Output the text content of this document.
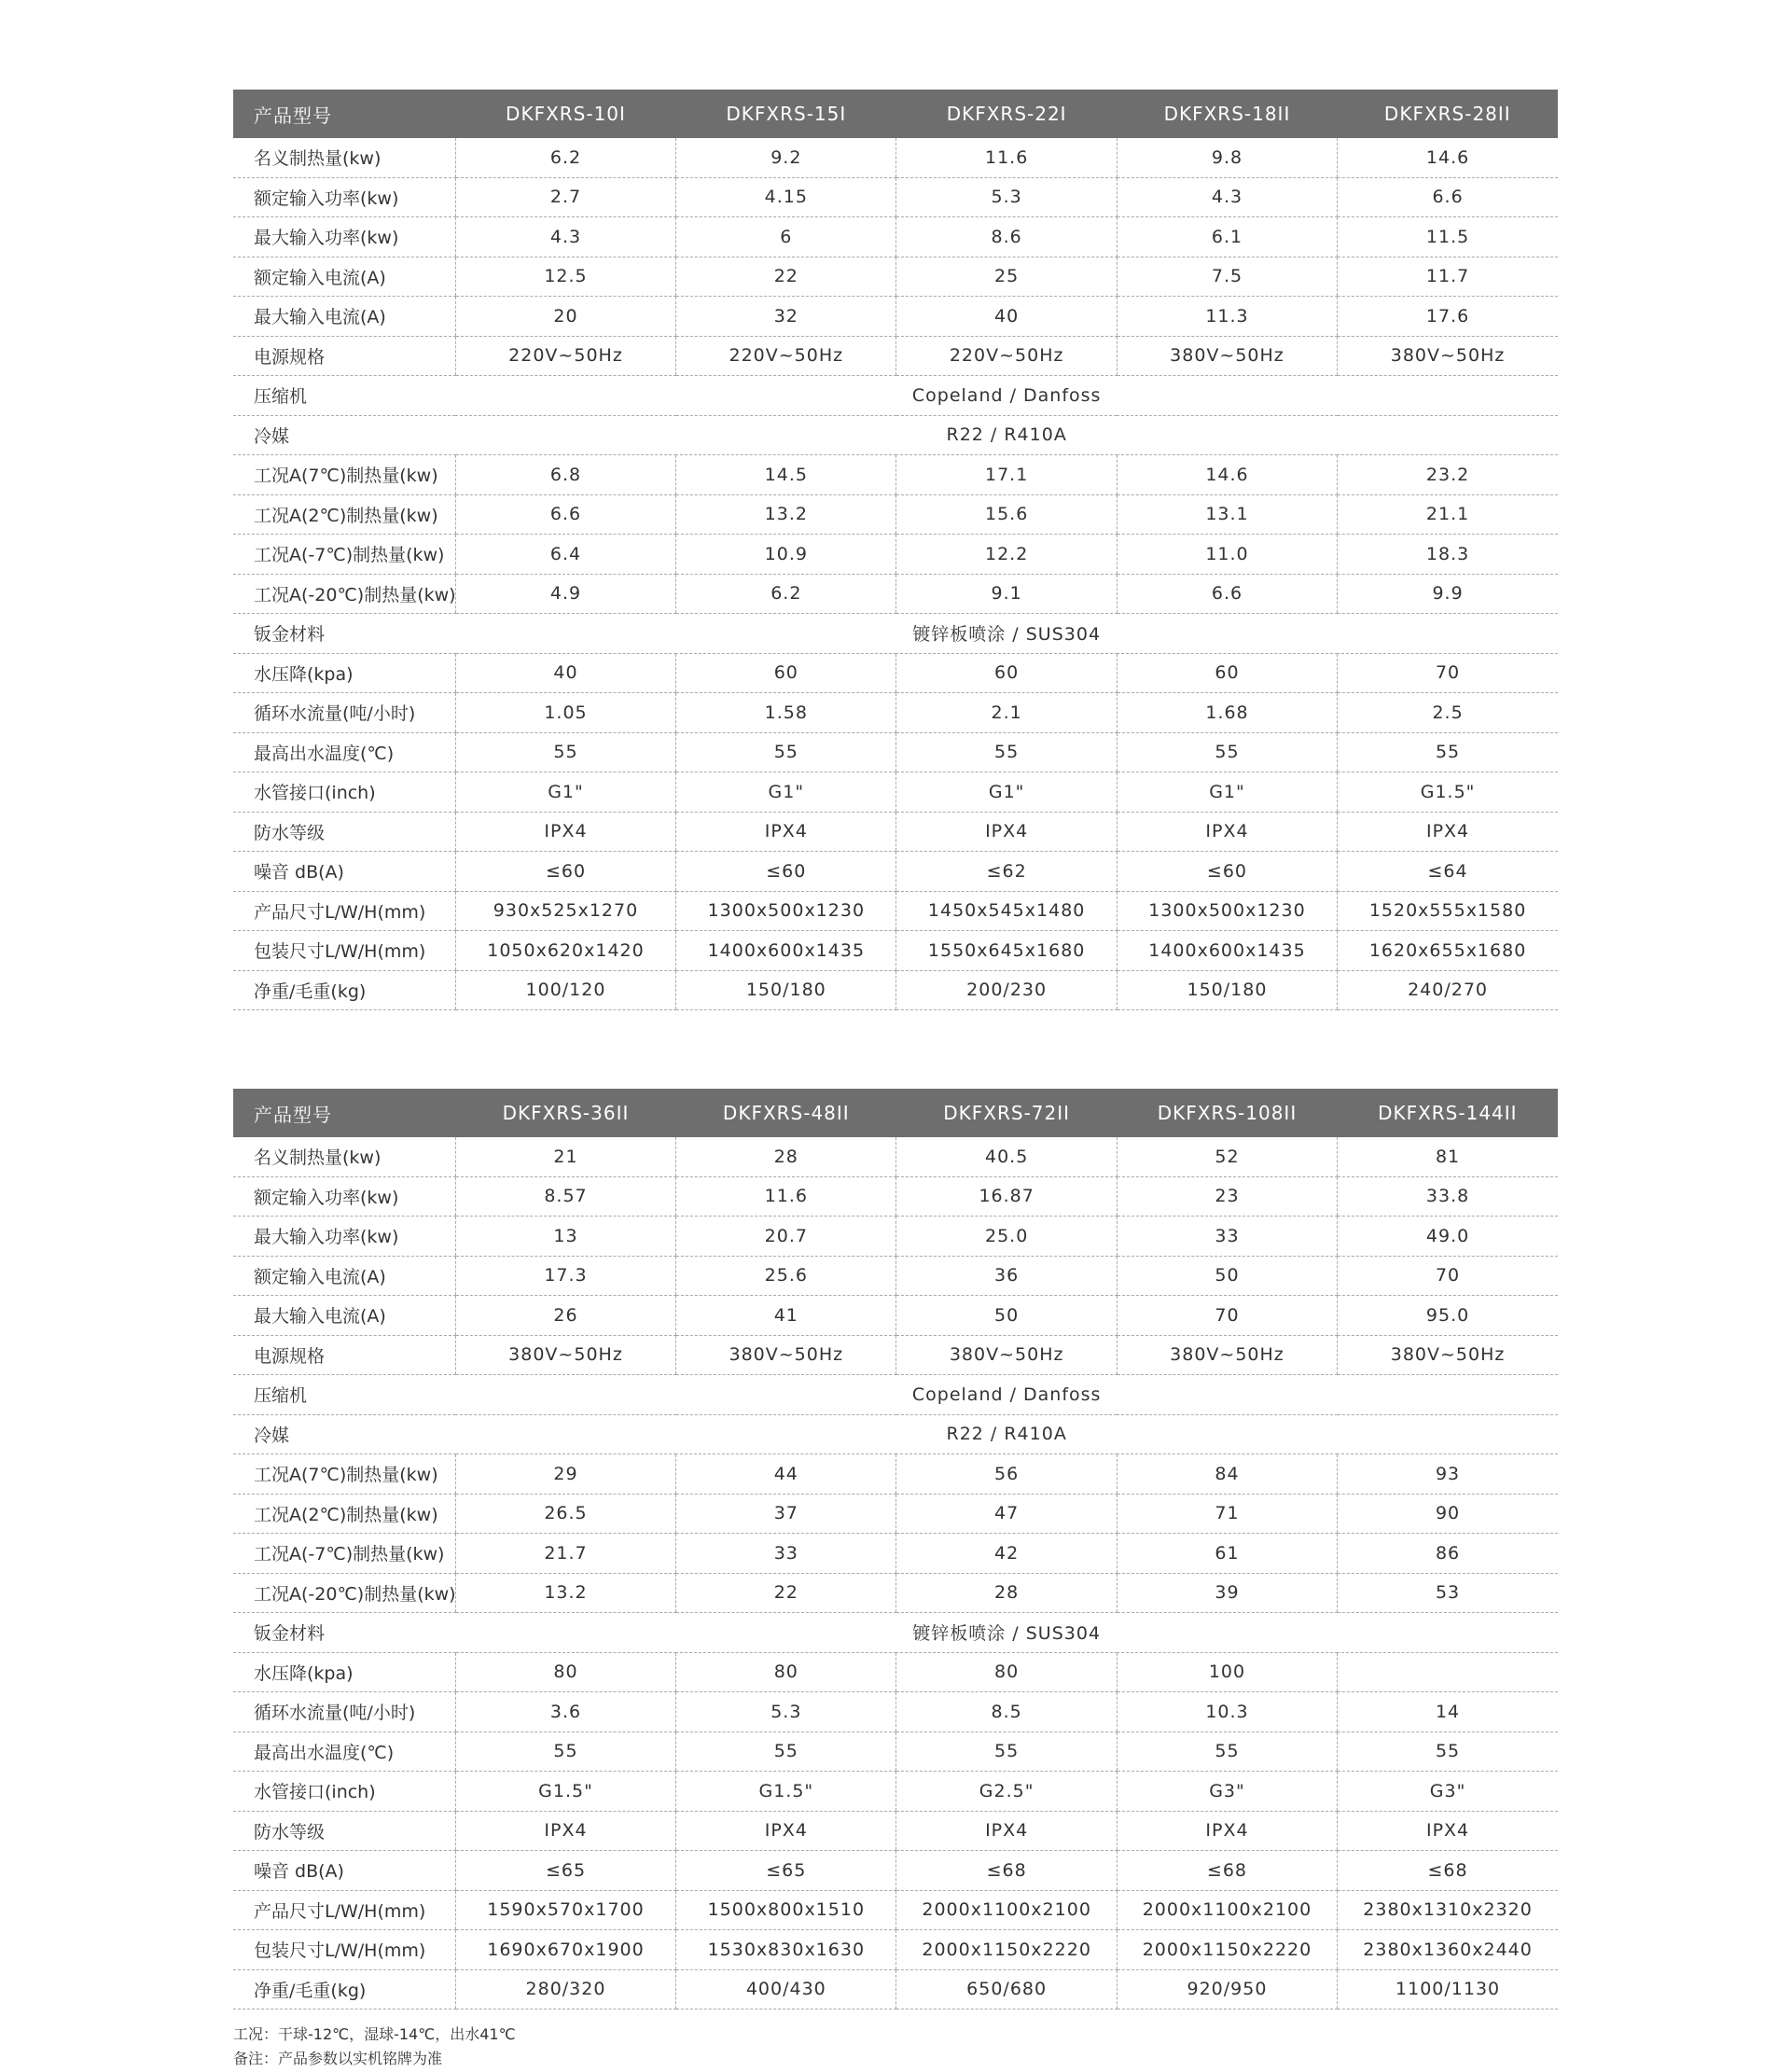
产品型号	DKFXRS-10I	DKFXRS-15I	DKFXRS-22I	DKFXRS-18II	DKFXRS-28II
名义制热量(kw)	6.2	9.2	11.6	9.8	14.6
额定输入功率(kw)	2.7	4.15	5.3	4.3	6.6
最大输入功率(kw)	4.3	6	8.6	6.1	11.5
额定输入电流(A)	12.5	22	25	7.5	11.7
最大输入电流(A)	20	32	40	11.3	17.6
电源规格	220V~50Hz	220V~50Hz	220V~50Hz	380V~50Hz	380V~50Hz
压缩机	Copeland / Danfoss				
冷媒	R22 / R410A				
工况A(7℃)制热量(kw)	6.8	14.5	17.1	14.6	23.2
工况A(2℃)制热量(kw)	6.6	13.2	15.6	13.1	21.1
工况A(-7℃)制热量(kw)	6.4	10.9	12.2	11.0	18.3
工况A(-20℃)制热量(kw)	4.9	6.2	9.1	6.6	9.9
钣金材料	镀锌板喷涂 / SUS304				
水压降(kpa)	40	60	60	60	70
循环水流量(吨/小时)	1.05	1.58	2.1	1.68	2.5
最高出水温度(℃)	55	55	55	55	55
水管接口(inch)	G1"	G1"	G1"	G1"	G1.5"
防水等级	IPX4	IPX4	IPX4	IPX4	IPX4
噪音 dB(A)	≤60	≤60	≤62	≤60	≤64
产品尺寸L/W/H(mm)	930x525x1270	1300x500x1230	1450x545x1480	1300x500x1230	1520x555x1580
包装尺寸L/W/H(mm)	1050x620x1420	1400x600x1435	1550x645x1680	1400x600x1435	1620x655x1680
净重/毛重(kg)	100/120	150/180	200/230	150/180	240/270
产品型号	DKFXRS-36II	DKFXRS-48II	DKFXRS-72II	DKFXRS-108II	DKFXRS-144II
名义制热量(kw)	21	28	40.5	52	81
额定输入功率(kw)	8.57	11.6	16.87	23	33.8
最大输入功率(kw)	13	20.7	25.0	33	49.0
额定输入电流(A)	17.3	25.6	36	50	70
最大输入电流(A)	26	41	50	70	95.0
电源规格	380V~50Hz	380V~50Hz	380V~50Hz	380V~50Hz	380V~50Hz
压缩机	Copeland / Danfoss				
冷媒	R22 / R410A				
工况A(7℃)制热量(kw)	29	44	56	84	93
工况A(2℃)制热量(kw)	26.5	37	47	71	90
工况A(-7℃)制热量(kw)	21.7	33	42	61	86
工况A(-20℃)制热量(kw)	13.2	22	28	39	53
钣金材料	镀锌板喷涂 / SUS304				
水压降(kpa)	80	80	80	100	
循环水流量(吨/小时)	3.6	5.3	8.5	10.3	14
最高出水温度(℃)	55	55	55	55	55
水管接口(inch)	G1.5"	G1.5"	G2.5"	G3"	G3"
防水等级	IPX4	IPX4	IPX4	IPX4	IPX4
噪音 dB(A)	≤65	≤65	≤68	≤68	≤68
产品尺寸L/W/H(mm)	1590x570x1700	1500x800x1510	2000x1100x2100	2000x1100x2100	2380x1310x2320
包装尺寸L/W/H(mm)	1690x670x1900	1530x830x1630	2000x1150x2220	2000x1150x2220	2380x1360x2440
净重/毛重(kg)	280/320	400/430	650/680	920/950	1100/1130
工况：干球-12℃，湿球-14℃，出水41℃
备注：产品参数以实机铭牌为准
